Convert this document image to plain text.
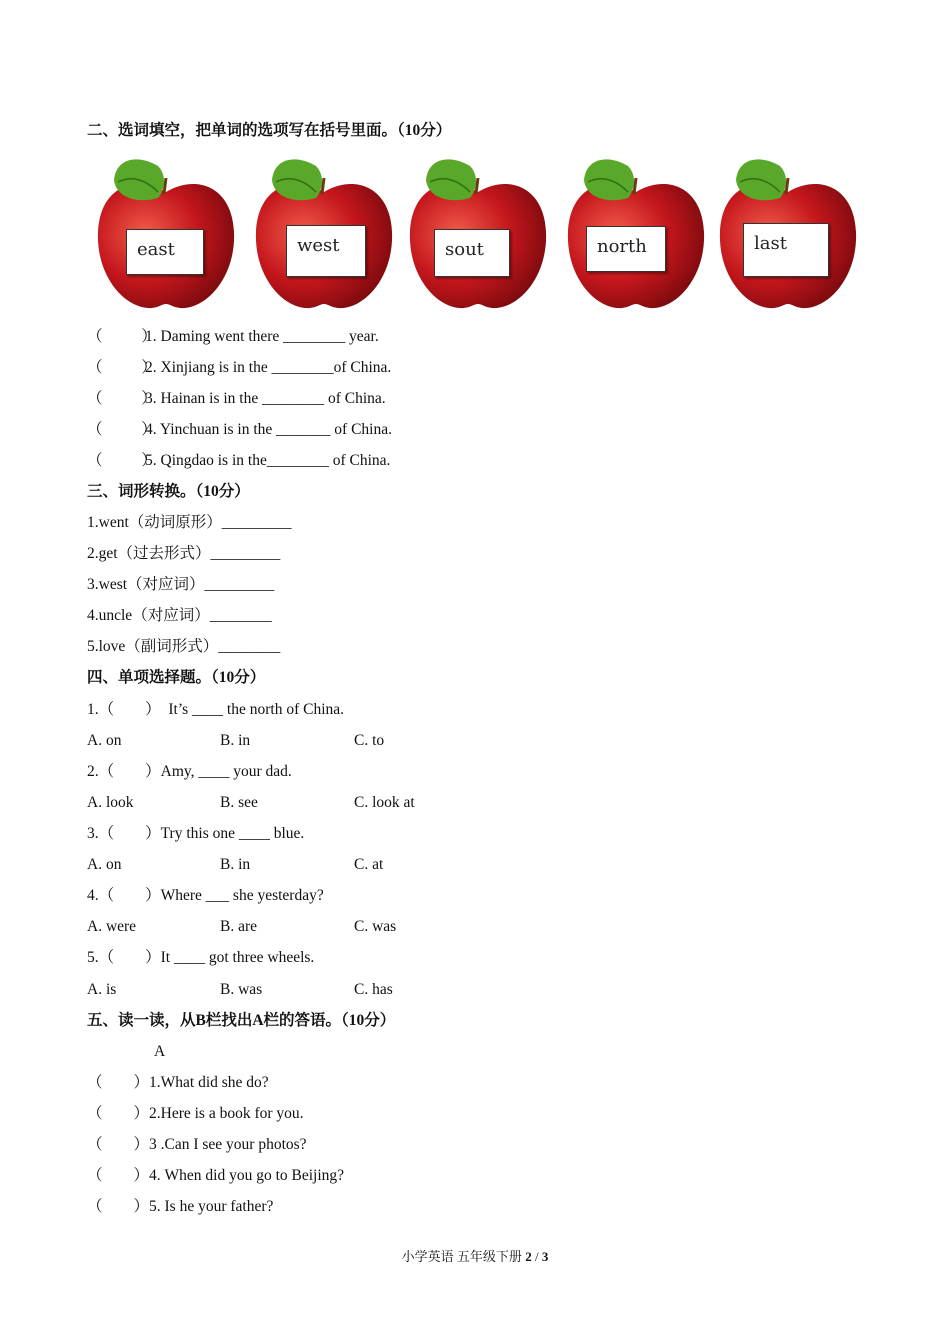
二、选词填空，把单词的选项写在括号里面。（10分）
east	west	sout	north	last
（          ）1. Daming went there ________ year.
（          ）2. Xinjiang is in the ________of China.
（          ）3. Hainan is in the ________ of China.
（          ）4. Yinchuan is in the _______ of China.
（          ）5. Qingdao is in the________ of China.
三、词形转换。（10分）
1.went（动词原形）_________
2.get（过去形式）_________
3.west（对应词）_________
4.uncle（对应词）________
5.love（副词形式）________
四、单项选择题。（10分）
1.（　　）  It’s ____ the north of China.
A. on	B. in	C. to
2.（　　）Amy, ____ your dad.
A. look	B. see	C. look at
3.（　　）Try this one ____ blue.
A. on	B. in	C. at
4.（　　）Where ___ she yesterday?
A. were	B. are	C. was
5.（　　）It ____ got three wheels.
A. is	B. was	C. has
五、读一读，从B栏找出A栏的答语。（10分）
A
（　　）1.What did she do?
（　　）2.Here is a book for you.
（　　）3 .Can I see your photos?
（　　）4. When did you go to Beijing?
（　　）5. Is he your father?
小学英语 五年级下册 2 / 3
